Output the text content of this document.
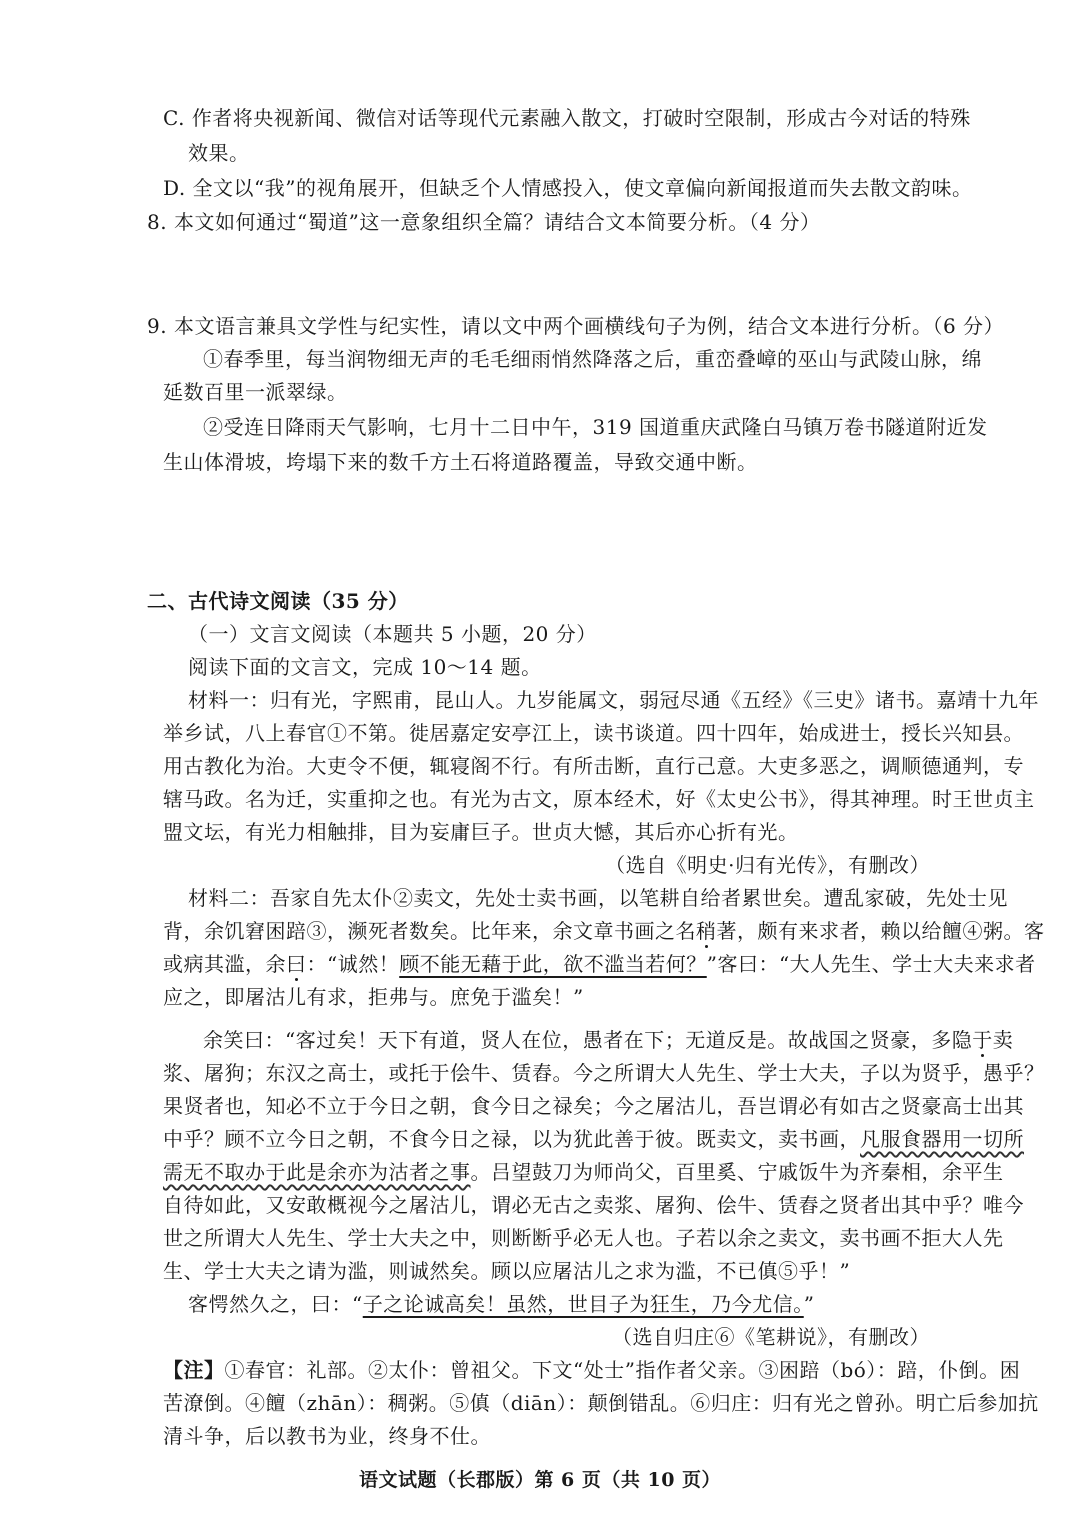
C. 作者将央视新闻、微信对话等现代元素融入散文，打破时空限制，形成古今对话的特殊
效果。
D. 全文以“我”的视角展开，但缺乏个人情感投入，使文章偏向新闻报道而失去散文韵味。
8. 本文如何通过“蜀道”这一意象组织全篇？请结合文本简要分析。（4 分）
9. 本文语言兼具文学性与纪实性，请以文中两个画横线句子为例，结合文本进行分析。（6 分）
①春季里，每当润物细无声的毛毛细雨悄然降落之后，重峦叠嶂的巫山与武陵山脉，绵
延数百里一派翠绿。
②受连日降雨天气影响，七月十二日中午，319 国道重庆武隆白马镇万卷书隧道附近发
生山体滑坡，垮塌下来的数千方土石将道路覆盖，导致交通中断。
二、古代诗文阅读（35 分）
（一）文言文阅读（本题共 5 小题，20 分）
阅读下面的文言文，完成 10～14 题。
材料一：归有光，字熙甫，昆山人。九岁能属文，弱冠尽通《五经》《三史》诸书。嘉靖十九年
举乡试，八上春官①不第。徙居嘉定安亭江上，读书谈道。四十四年，始成进士，授长兴知县。
用古教化为治。大吏令不便，辄寝阁不行。有所击断，直行己意。大吏多恶之，调顺德通判，专
辖马政。名为迁，实重抑之也。有光为古文，原本经术，好《太史公书》，得其神理。时王世贞主
盟文坛，有光力相触排，目为妄庸巨子。世贞大憾，其后亦心折有光。
（选自《明史·归有光传》，有删改）
材料二：吾家自先太仆②卖文，先处士卖书画，以笔耕自给者累世矣。遭乱家破，先处士见
背，余饥窘困踣③，濒死者数矣。比年来，余文章书画之名稍著，颇有来求者，赖以给饘④粥。客
或病其滥，余曰：“诚然！顾不能无藉于此，欲不滥当若何？”客曰：“大人先生、学士大夫来求者
应之，即屠沽儿有求，拒弗与。庶免于滥矣！”
余笑曰：“客过矣！天下有道，贤人在位，愚者在下；无道反是。故战国之贤豪，多隐于卖
浆、屠狗；东汉之高士，或托于侩牛、赁舂。今之所谓大人先生、学士大夫，子以为贤乎，愚乎？
果贤者也，知必不立于今日之朝，食今日之禄矣；今之屠沽儿，吾岂谓必有如古之贤豪高士出其
中乎？顾不立今日之朝，不食今日之禄，以为犹此善于彼。既卖文，卖书画，凡服食器用一切所
需无不取办于此是余亦为沽者之事。吕望鼓刀为师尚父，百里奚、宁戚饭牛为齐秦相，余平生
自待如此，又安敢概视今之屠沽儿，谓必无古之卖浆、屠狗、侩牛、赁舂之贤者出其中乎？唯今
世之所谓大人先生、学士大夫之中，则断断乎必无人也。子若以余之卖文，卖书画不拒大人先
生、学士大夫之请为滥，则诚然矣。顾以应屠沽儿之求为滥，不已傎⑤乎！”
客愕然久之，曰：“子之论诚高矣！虽然，世目子为狂生，乃今尤信。”
（选自归庄⑥《笔耕说》，有删改）
【注】①春官：礼部。②太仆：曾祖父。下文“处士”指作者父亲。③困踣（bó）：踣，仆倒。困
苦潦倒。④饘（zhān）：稠粥。⑤傎（diān）：颠倒错乱。⑥归庄：归有光之曾孙。明亡后参加抗
清斗争，后以教书为业，终身不仕。
语文试题（长郡版）第 6 页（共 10 页）
